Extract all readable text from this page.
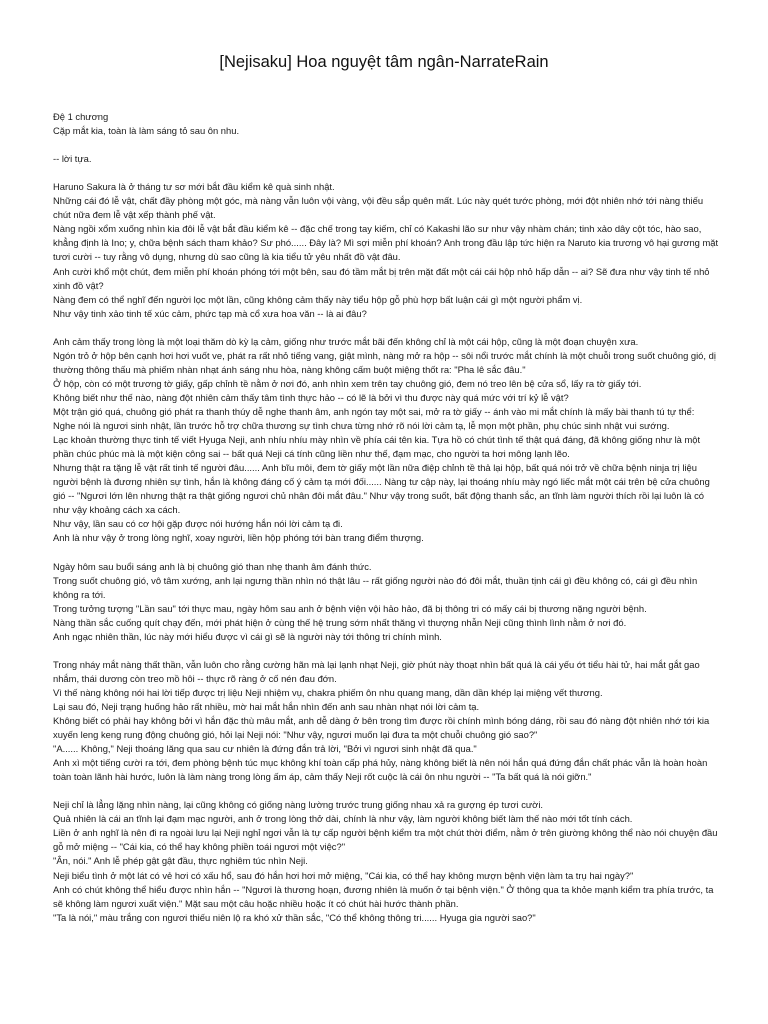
[Nejisaku] Hoa nguyệt tâm ngân-NarrateRain

Đệ 1 chương

Cặp mắt kia, toàn là làm sáng tỏ sau ôn nhu.

-- lời tựa.

Haruno Sakura là ở tháng tư sơ mới bắt đầu kiểm kê quà sinh nhật.

Những cái đó lễ vật, chất đầy phòng một góc, mà nàng vẫn luôn vội vàng, vội đều sắp quên mất. Lúc này quét tước phòng, mới đột nhiên nhớ tới nàng thiếu chút nữa đem lễ vật xếp thành phế vật.

Nàng ngồi xổm xuống nhìn kia đôi lễ vật bắt đầu kiểm kê -- đặc chế trong tay kiếm, chỉ có Kakashi lão sư như vậy nhàm chán; tinh xảo dây cột tóc, hào sao, khẳng định là Ino; y, chữa bệnh sách tham khảo? Sư phó...... Đây là? Mì sợi miễn phí khoán? Anh trong đầu lập tức hiện ra Naruto kia trương vô hại gương mặt tươi cười -- tuy rằng vô dụng, nhưng dù sao cũng là kia tiểu tử yêu nhất đồ vật đâu.

Anh cười khổ một chút, đem miễn phí khoán phóng tới một bên, sau đó tầm mắt bị trên mặt đất một cái cái hộp nhỏ hấp dẫn -- ai? Sẽ đưa như vậy tinh tế nhỏ xinh đồ vật?

Nàng đem có thể nghĩ đến người lọc một lần, cũng không cảm thấy này tiểu hộp gỗ phù hợp bất luận cái gì một người phẩm vị.

Như vậy tinh xảo tinh tế xúc cảm, phức tạp mà cổ xưa hoa văn -- là ai đâu?

Anh cảm thấy trong lòng là một loại thăm dò kỳ lạ cảm, giống như trước mắt bãi đến không chỉ là một cái hộp, cũng là một đoạn chuyện xưa.

Ngón trỏ ở hộp bên cạnh hơi hơi vuốt ve, phát ra rất nhỏ tiếng vang, giật mình, nàng mở ra hộp -- sôi nổi trước mắt chính là một chuỗi trong suốt chuông gió, dị thường thông thấu mà phiếm nhàn nhạt ánh sáng nhu hòa, nàng không cấm buột miệng thốt ra: "Pha lê sắc đâu."

Ở hộp, còn có một trương tờ giấy, gấp chỉnh tề nằm ở nơi đó, anh nhìn xem trên tay chuông gió, đem nó treo lên bệ cửa sổ, lấy ra tờ giấy tới.

Không biết như thế nào, nàng đột nhiên cảm thấy tâm tình thực hảo -- có lẽ là bởi vì thu được này quá mức với trí kỷ lễ vật?

Một trận gió quá, chuông gió phát ra thanh thúy dễ nghe thanh âm, anh ngón tay một sai, mở ra tờ giấy -- ánh vào mi mắt chính là mấy bài thanh tú tự thể:

Nghe nói là ngươi sinh nhật, lần trước hỗ trợ chữa thương sự tình chưa từng nhớ rõ nói lời cảm tạ, lễ mọn một phần, phụ chúc sinh nhật vui sướng.

Lạc khoản thường thực tinh tế viết Hyuga Neji, anh nhíu nhíu mày nhìn về phía cái tên kia. Tựa hồ có chút tình tế thật quá đáng, đã không giống như là một phần chúc phúc mà là một kiện công sai -- bất quá Neji cá tính cũng liền như thế, đạm mạc, cho người ta hơi mông lạnh lẽo.

Nhưng thật ra tặng lễ vật rất tinh tế người đâu...... Anh bĩu môi, đem tờ giấy một lần nữa điệp chỉnh tề thả lại hộp, bất quá nói trở về chữa bệnh ninja trị liệu người bệnh là đương nhiên sự tình, hắn là không đáng cố ý cảm tạ mới đối...... Nàng tư cập này, lại thoáng nhíu mày ngó liếc mắt một cái trên bệ cửa chuông gió -- "Ngươi lớn lên nhưng thật ra thật giống ngươi chủ nhân đôi mắt đâu." Như vậy trong suốt, bất động thanh sắc, an tĩnh làm người thích rồi lại luôn là có như vậy khoảng cách xa cách.

Như vậy, lần sau có cơ hội gặp được nói hướng hắn nói lời cảm tạ đi.

Anh là như vậy ở trong lòng nghĩ, xoay người, liền hộp phóng tới bàn trang điểm thượng.

Ngày hôm sau buổi sáng anh là bị chuông gió than nhẹ thanh âm đánh thức.

Trong suốt chuông gió, vô tâm xướng, anh lại ngưng thần nhìn nó thật lâu -- rất giống người nào đó đôi mắt, thuần tịnh cái gì đều không có, cái gì đều nhìn không ra tới.

Trong tưởng tượng "Lần sau" tới thực mau, ngày hôm sau anh ở bệnh viện vội hảo hảo, đã bị thông tri có mấy cái bị thương nặng người bệnh.

Nàng thần sắc cuống quít chạy đến, mới phát hiện ở cùng thế hệ trung sớm nhất thăng vì thượng nhẫn Neji cũng thình lình nằm ở nơi đó.

Anh ngạc nhiên thần, lúc này mới hiểu được vì cái gì sẽ là người này tới thông tri chính mình.

Trong nháy mắt nàng thất thần, vẫn luôn cho rằng cường hãn mà lại lạnh nhạt Neji, giờ phút này thoạt nhìn bất quá là cái yếu ớt tiểu hài tử, hai mắt gắt gao nhắm, thái dương còn treo mồ hôi -- thực rõ ràng ở cố nén đau đớn.

Vì thế nàng không nói hai lời tiếp được trị liệu Neji nhiệm vụ, chakra phiếm ôn nhu quang mang, dần dần khép lại miệng vết thương.

Lại sau đó, Neji trạng huống hảo rất nhiều, mờ hai mắt hắn nhìn đến anh sau nhàn nhạt nói lời cảm tạ.

Không biết có phải hay không bởi vì hắn đặc thù mâu mắt, anh dễ dàng ở bên trong tìm được rồi chính mình bóng dáng, rồi sau đó nàng đột nhiên nhớ tới kia xuyến leng keng rung động chuông gió, hỏi lại Neji nói: "Như vậy, ngươi muốn lại đưa ta một chuỗi chuông gió sao?"

"A...... Không," Neji thoáng lăng qua sau cư nhiên là đứng đắn trả lời, "Bởi vì ngươi sinh nhật đã qua."

Anh xì một tiếng cười ra tới, đem phòng bệnh túc mục không khí toàn cấp phá hủy, nàng không biết là nên nói hắn quá đứng đắn chất phác vẫn là hoàn hoàn toàn toàn lãnh hài hước, luôn là làm nàng trong lòng ấm áp, cảm thấy Neji rốt cuộc là cái ôn nhu người -- "Ta bất quá là nói giỡn."

Neji chỉ là lẳng lặng nhìn nàng, lại cũng không có giống nàng lường trước trung giống nhau xả ra gượng ép tươi cười.

Quả nhiên là cái an tĩnh lại đạm mạc người, anh ở trong lòng thở dài, chính là như vậy, làm người không biết làm thế nào mới tốt tính cách.

Liền ở anh nghĩ là nên đi ra ngoài lưu lại Neji nghỉ ngơi vẫn là tự cấp người bệnh kiểm tra một chút thời điểm, nằm ở trên giường không thể nào nói chuyện đầu gỗ mở miệng -- "Cái kia, có thể hay không phiền toái ngươi một việc?"

"Ân, nói." Anh lễ phép gật gật đầu, thực nghiêm túc nhìn Neji.

Neji biểu tình ở một lát có vẻ hơi có xấu hổ, sau đó hắn hơi hơi mở miệng, "Cái kia, có thể hay không mượn bệnh viện làm ta trụ hai ngày?"

Anh có chút không thể hiểu được nhìn hắn -- "Ngươi là thương hoạn, đương nhiên là muốn ở tại bệnh viện." Ở thông qua ta khỏe mạnh kiểm tra phía trước, ta sẽ không làm ngươi xuất viện." Mặt sau một câu hoặc nhiều hoặc ít có chút hài hước thành phần.

"Ta là nói," màu trắng con ngươi thiếu niên lộ ra khó xử thần sắc, "Có thể không thông tri...... Hyuga gia người sao?"
